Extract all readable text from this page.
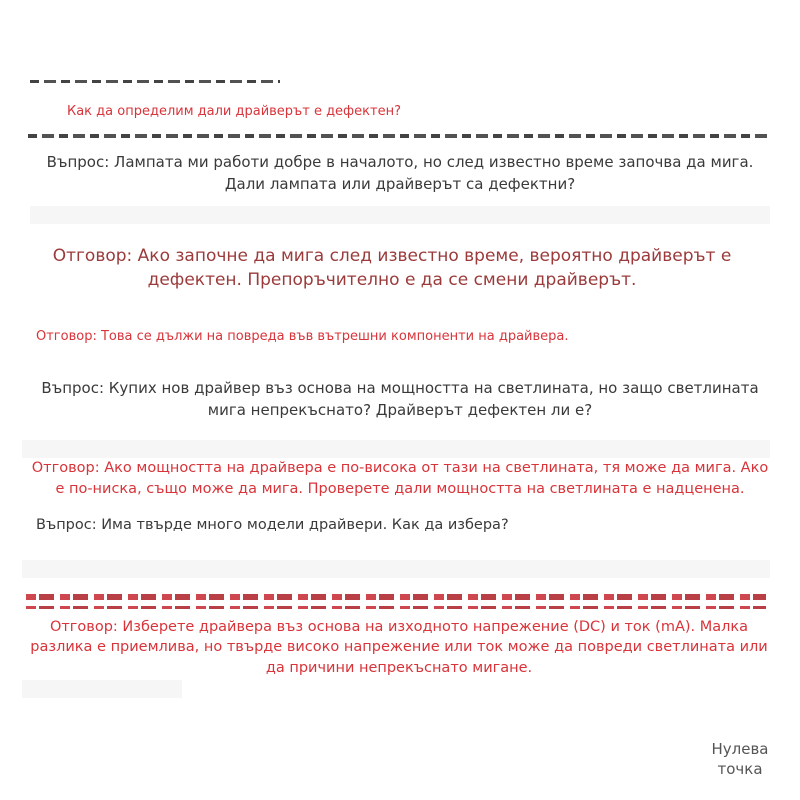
Как да определим дали драйверът е дефектен?
Въпрос: Лампата ми работи добре в началото, но след известно време започва да мига. Дали лампата или драйверът са дефектни?
Отговор: Ако започне да мига след известно време, вероятно драйверът е дефектен. Препоръчително е да се смени драйверът.
Отговор: Това се дължи на повреда във вътрешни компоненти на драйвера.
Въпрос: Купих нов драйвер въз основа на мощността на светлината, но защо светлината мига непрекъснато? Драйверът дефектен ли е?
Отговор: Ако мощността на драйвера е по-висока от тази на светлината, тя може да мига. Ако е по-ниска, също може да мига. Проверете дали мощността на светлината е надценена.
Въпрос: Има твърде много модели драйвери. Как да избера?
Отговор: Изберете драйвера въз основа на изходното напрежение (DC) и ток (mA). Малка разлика е приемлива, но твърде високо напрежение или ток може да повреди светлината или да причини непрекъснато мигане.
Нулева точка
